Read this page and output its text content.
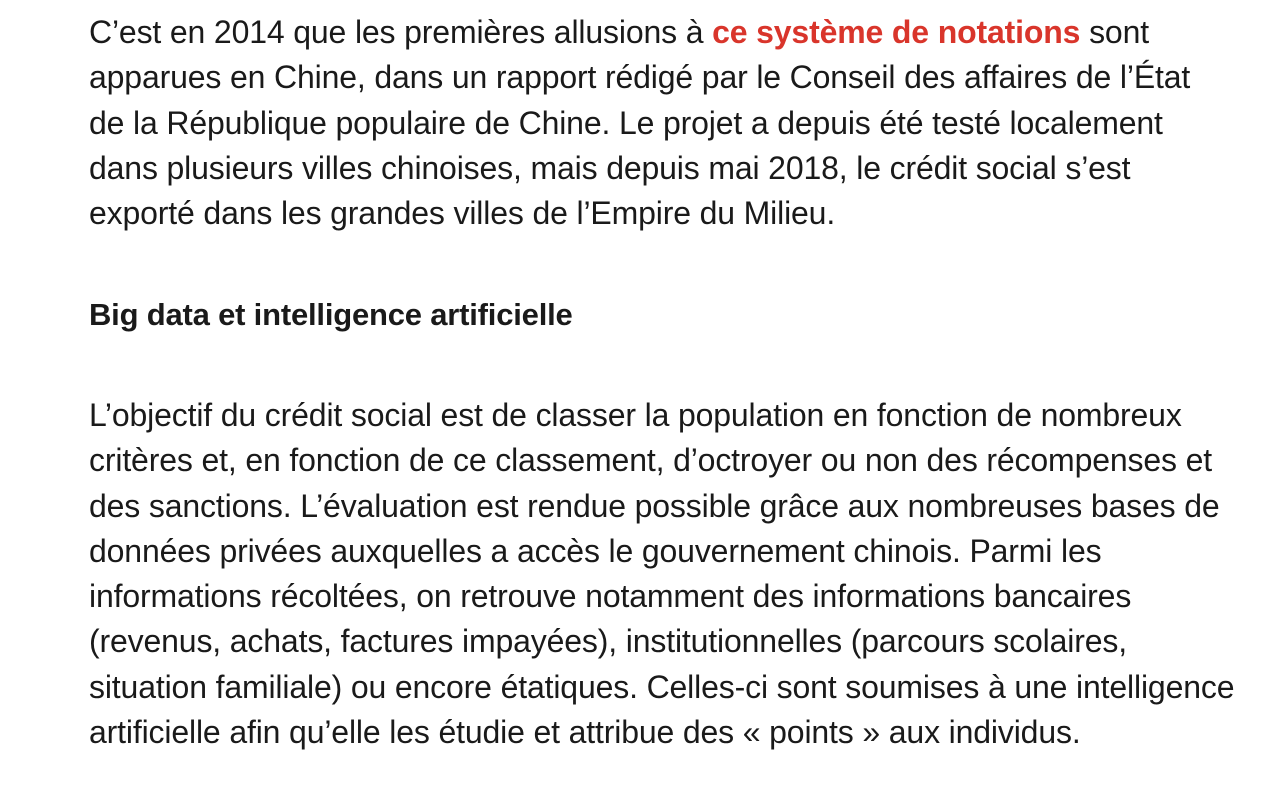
C’est en 2014 que les premières allusions à ce système de notations sont apparues en Chine, dans un rapport rédigé par le Conseil des affaires de l’État de la République populaire de Chine. Le projet a depuis été testé localement dans plusieurs villes chinoises, mais depuis mai 2018, le crédit social s’est exporté dans les grandes villes de l’Empire du Milieu.

Big data et intelligence artificielle

L’objectif du crédit social est de classer la population en fonction de nombreux critères et, en fonction de ce classement, d’octroyer ou non des récompenses et des sanctions. L’évaluation est rendue possible grâce aux nombreuses bases de données privées auxquelles a accès le gouvernement chinois. Parmi les informations récoltées, on retrouve notamment des informations bancaires (revenus, achats, factures impayées), institutionnelles (parcours scolaires, situation familiale) ou encore étatiques. Celles-ci sont soumises à une intelligence artificielle afin qu’elle les étudie et attribue des « points » aux individus.
